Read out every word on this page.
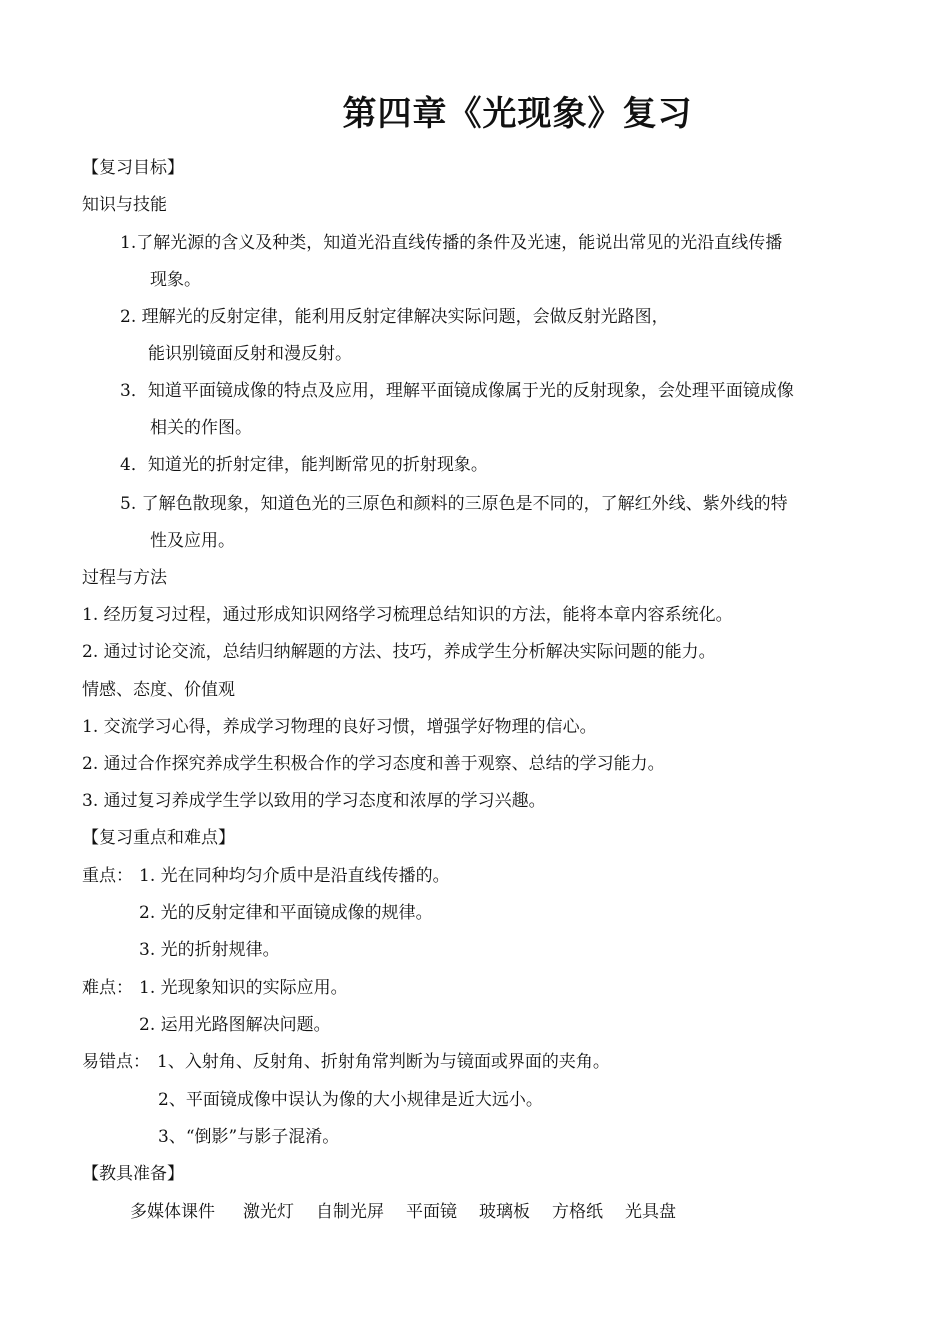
第四章《光现象》复习
【复习目标】
知识与技能
1.了解光源的含义及种类，知道光沿直线传播的条件及光速，能说出常见的光沿直线传播
现象。
2. 理解光的反射定律，能利用反射定律解决实际问题，会做反射光路图，
能识别镜面反射和漫反射。
3．知道平面镜成像的特点及应用，理解平面镜成像属于光的反射现象，会处理平面镜成像
相关的作图。
4．知道光的折射定律，能判断常见的折射现象。
5. 了解色散现象，知道色光的三原色和颜料的三原色是不同的，了解红外线、紫外线的特
性及应用。
过程与方法
1. 经历复习过程，通过形成知识网络学习梳理总结知识的方法，能将本章内容系统化。
2. 通过讨论交流，总结归纳解题的方法、技巧，养成学生分析解决实际问题的能力。
情感、态度、价值观
1. 交流学习心得，养成学习物理的良好习惯，增强学好物理的信心。
2. 通过合作探究养成学生积极合作的学习态度和善于观察、总结的学习能力。
3. 通过复习养成学生学以致用的学习态度和浓厚的学习兴趣。
【复习重点和难点】
重点： 1. 光在同种均匀介质中是沿直线传播的。
2. 光的反射定律和平面镜成像的规律。
3. 光的折射规律。
难点： 1. 光现象知识的实际应用。
2. 运用光路图解决问题。
易错点： 1、入射角、反射角、折射角常判断为与镜面或界面的夹角。
2、平面镜成像中误认为像的大小规律是近大远小。
3、“倒影”与影子混淆。
【教具准备】
多媒体课件 激光灯 自制光屏 平面镜 玻璃板 方格纸 光具盘
